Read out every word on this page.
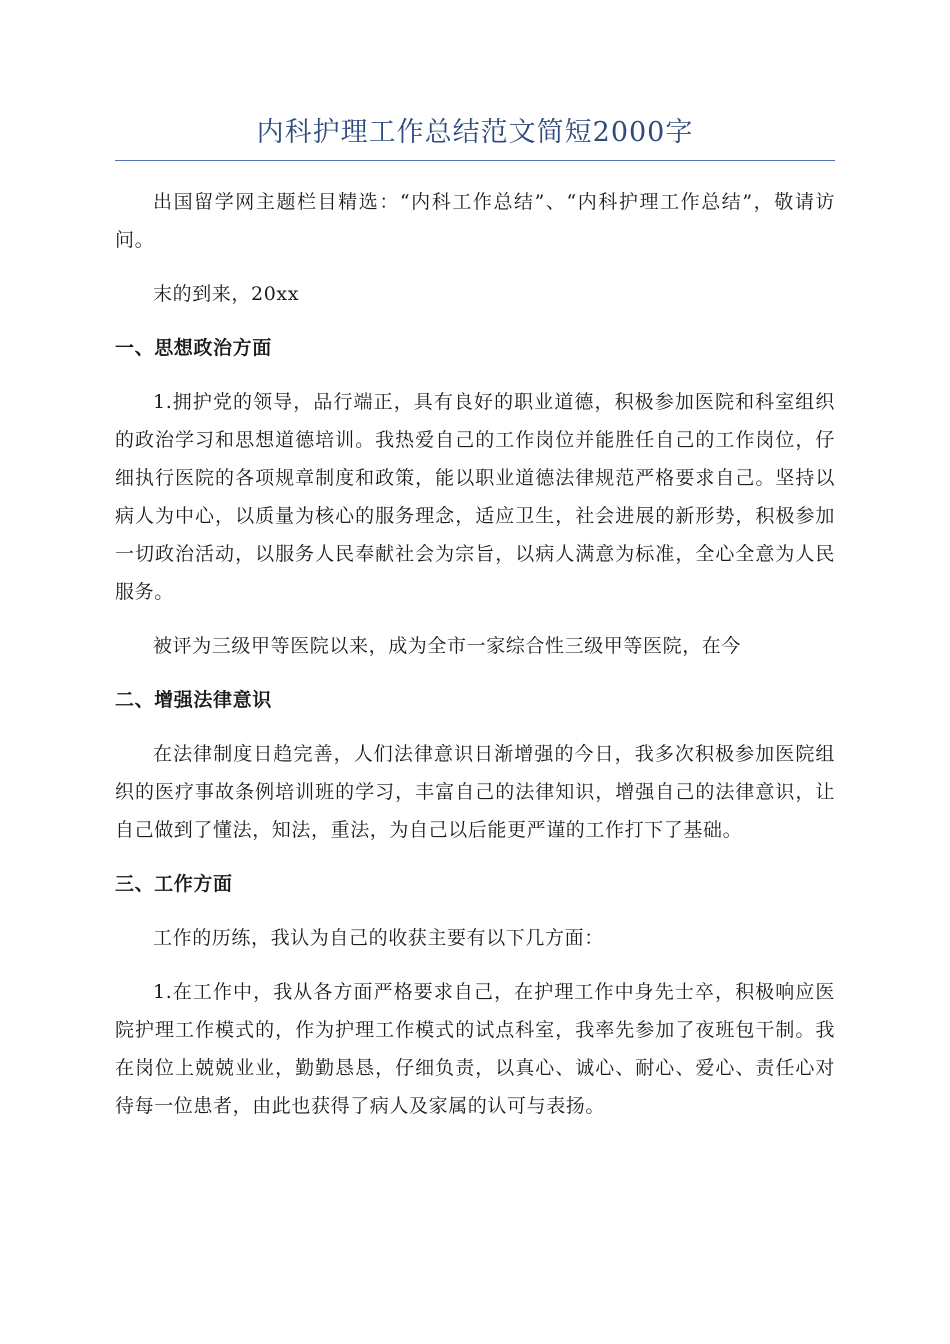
内科护理工作总结范文简短2000字

出国留学网主题栏目精选：“内科工作总结”、“内科护理工作总结”，敬请访问。

末的到来，20xx

一、思想政治方面

1.拥护党的领导，品行端正，具有良好的职业道德，积极参加医院和科室组织的政治学习和思想道德培训。我热爱自己的工作岗位并能胜任自己的工作岗位，仔细执行医院的各项规章制度和政策，能以职业道德法律规范严格要求自己。坚持以病人为中心，以质量为核心的服务理念，适应卫生，社会进展的新形势，积极参加一切政治活动，以服务人民奉献社会为宗旨，以病人满意为标准，全心全意为人民服务。

被评为三级甲等医院以来，成为全市一家综合性三级甲等医院，在今

二、增强法律意识

在法律制度日趋完善，人们法律意识日渐增强的今日，我多次积极参加医院组织的医疗事故条例培训班的学习，丰富自己的法律知识，增强自己的法律意识，让自己做到了懂法，知法，重法，为自己以后能更严谨的工作打下了基础。

三、工作方面

工作的历练，我认为自己的收获主要有以下几方面：

1.在工作中，我从各方面严格要求自己，在护理工作中身先士卒，积极响应医院护理工作模式的，作为护理工作模式的试点科室，我率先参加了夜班包干制。我在岗位上兢兢业业，勤勤恳恳，仔细负责，以真心、诚心、耐心、爱心、责任心对待每一位患者，由此也获得了病人及家属的认可与表扬。
